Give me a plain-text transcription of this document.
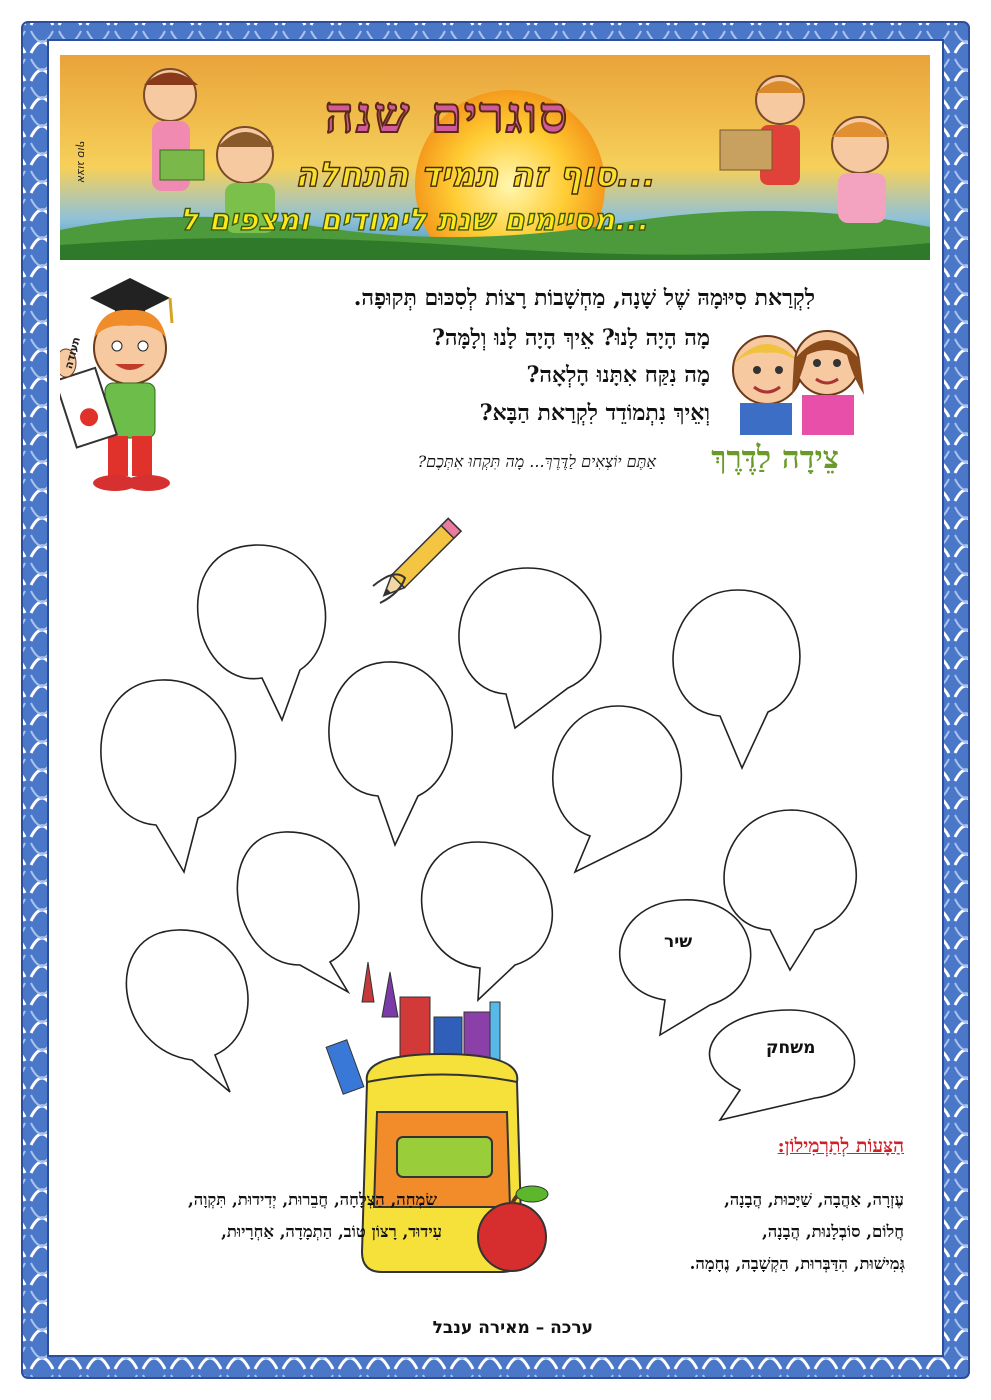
סוגרים שנה
סוף זה תמיד התחלה...
מסיימים שנת לימודים ומצפים ל...
אצוג סוף
לִקְרַאת סִיּוּמָהּ שֶׁל שָׁנָה, מַחְשָׁבוֹת רָצוֹת לְסִכּוּם תְּקוּפָה.
מָה הָיָה לָנוּ? אֵיךְ הָיָה לָנוּ וְלָמָּה?
מָה נִקַּח אִתָּנוּ הָלְאָה?
וְאֵיךְ נִתְמוֹדֵד לִקְרַאת הַבָּא?
תעודה
צֵידָה לַדֶּרֶךְ
אַתֶּם יוֹצְאִים לַדֶּרֶךְ... מָה תִּקְחוּ אִתְּכֶם?
שיר
משחק
הַצָּעוֹת לְתַרְמִילוֹן:
שִׂמְחָה, הַצְלָחָה, חֲבֵרוּת, יְדִידוּת, תִּקְוָה,	עֶזְרָה, אַהֲבָה, שַׁיָּכוּת, הֲבָנָה,
עִידוּד, רָצוֹן טוֹב, הַתְמָדָה, אַחְרָיוּת,	חֲלוֹם, סוֹבְלָנוּת, הֲבָנָה,
גְּמִישׁוּת, הִדַּבְּרוּת, הַקְשָׁבָה, נֶחָמָה.
ערכה – מאירה ענבל
